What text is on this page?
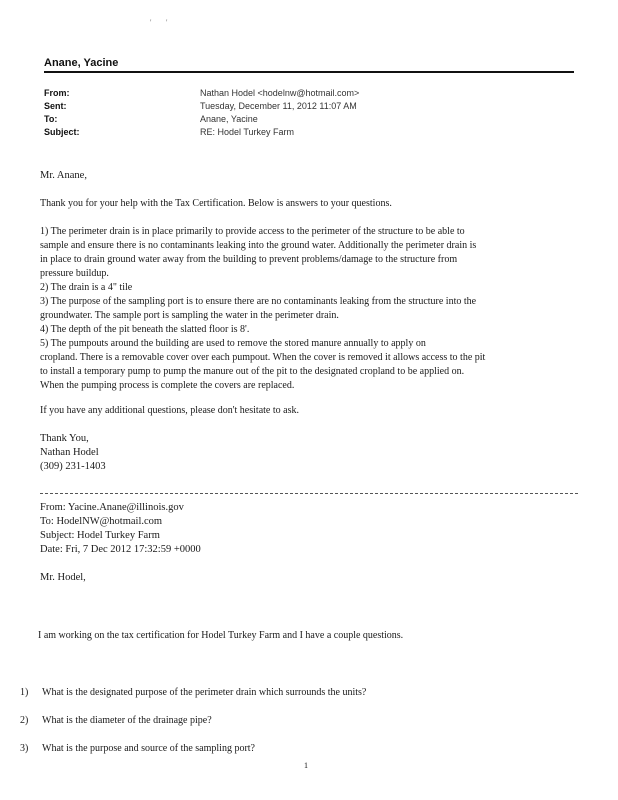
' '
Anane, Yacine
From:	Nathan Hodel <hodelnw@hotmail.com>
Sent:	Tuesday, December 11, 2012 11:07 AM
To:	Anane, Yacine
Subject:	RE: Hodel Turkey Farm
Mr. Anane,
Thank you for your help with the Tax Certification. Below is answers to your questions.
1) The perimeter drain is in place primarily to provide access to the perimeter of the structure to be able to
sample and ensure there is no contaminants leaking into the ground water. Additionally the perimeter drain is
in place to drain ground water away from the building to prevent problems/damage to the structure from
pressure buildup.
2) The drain is a 4" tile
3) The purpose of the sampling port is to ensure there are no contaminants leaking from the structure into the
groundwater. The sample port is sampling the water in the perimeter drain.
4) The depth of the pit beneath the slatted floor is 8'.
5) The pumpouts around the building are used to remove the stored manure annually to apply on
cropland. There is a removable cover over each pumpout. When the cover is removed it allows access to the pit
to install a temporary pump to pump the manure out of the pit to the designated cropland to be applied on.
When the pumping process is complete the covers are replaced.
If you have any additional questions, please don't hesitate to ask.
Thank You,
Nathan Hodel
(309) 231-1403
From: Yacine.Anane@illinois.gov
To: HodelNW@hotmail.com
Subject: Hodel Turkey Farm
Date: Fri, 7 Dec 2012 17:32:59 +0000
Mr. Hodel,
I am working on the tax certification for Hodel Turkey Farm and I have a couple questions.
1) What is the designated purpose of the perimeter drain which surrounds the units?
2) What is the diameter of the drainage pipe?
3) What is the purpose and source of the sampling port?
1
